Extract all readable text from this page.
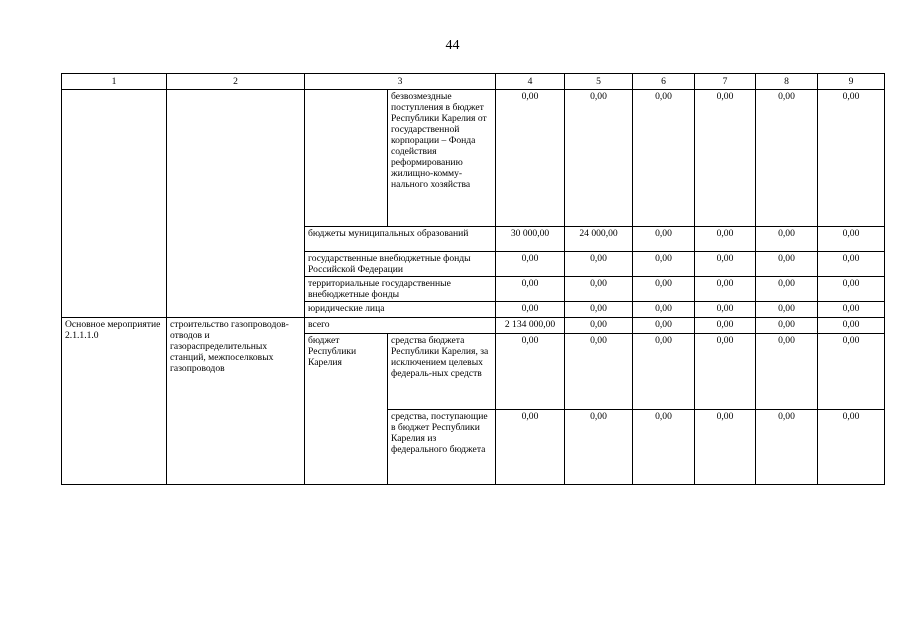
44
1	2	3		4	5	6	7	8	9
			безвозмездные поступления в бюджет Республики Карелия от государственной корпорации – Фонда содействия реформированию жилищно-комму-нального хозяйства	0,00	0,00	0,00	0,00	0,00	0,00
		бюджеты муниципальных образований		30 000,00	24 000,00	0,00	0,00	0,00	0,00
		государственные внебюджетные фонды Российской Федерации		0,00	0,00	0,00	0,00	0,00	0,00
		территориальные государственные внебюджетные фонды		0,00	0,00	0,00	0,00	0,00	0,00
		юридические лица		0,00	0,00	0,00	0,00	0,00	0,00
Основное мероприятие 2.1.1.1.0	строительство газопроводов-отводов и газораспределительных станций, межпоселковых газопроводов	всего		2 134 000,00	0,00	0,00	0,00	0,00	0,00
		бюджет Республики Карелия	средства бюджета Республики Карелия, за исключением целевых федераль-ных средств	0,00	0,00	0,00	0,00	0,00	0,00
			средства, поступающие в бюджет Республики Карелия из федерального бюджета	0,00	0,00	0,00	0,00	0,00	0,00
